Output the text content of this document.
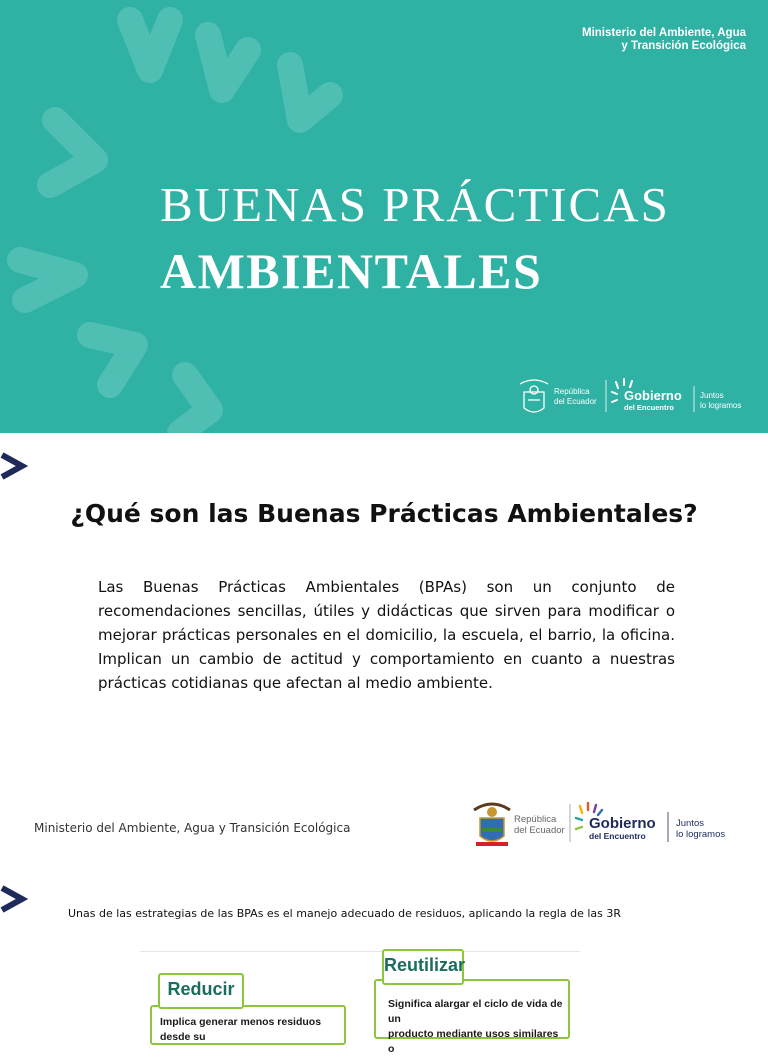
Ministerio del Ambiente, Agua
y Transición Ecológica
BUENAS PRÁCTICAS
AMBIENTALES
República
del Ecuador Gobierno
del Encuentro
Juntos
lo logramos
¿Qué son las Buenas Prácticas Ambientales?

Las Buenas Prácticas Ambientales (BPAs) son un conjunto de recomendaciones sencillas, útiles y didácticas que sirven para modificar o mejorar prácticas personales en el domicilio, la escuela, el barrio, la oficina. Implican un cambio de actitud y comportamiento en cuanto a nuestras prácticas cotidianas que afectan al medio ambiente.

Ministerio del Ambiente, Agua y Transición Ecológica
República
del Ecuador Gobierno
del Encuentro
Juntos
lo logramos
Unas de las estrategias de las BPAs es el manejo adecuado de residuos, aplicando la regla de las 3R
Reutilizar
Significa alargar el ciclo de vida de un
producto mediante usos similares o
Reducir
Implica generar menos residuos desde su
